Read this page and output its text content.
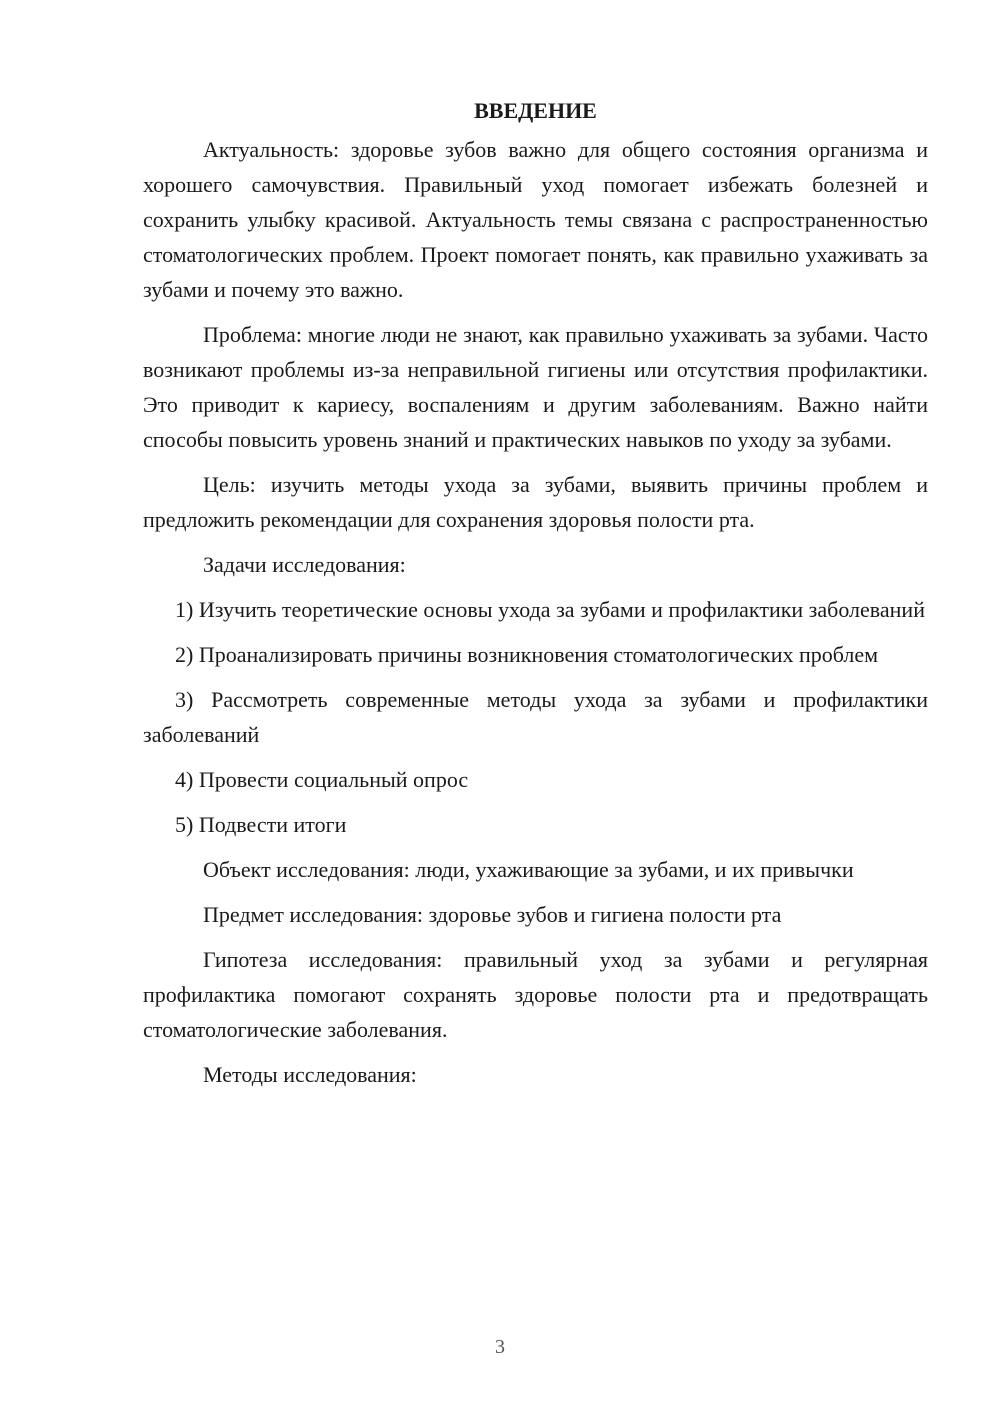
ВВЕДЕНИЕ

Актуальность: здоровье зубов важно для общего состояния организма и хорошего самочувствия. Правильный уход помогает избежать болезней и сохранить улыбку красивой. Актуальность темы связана с распространенностью стоматологических проблем. Проект помогает понять, как правильно ухаживать за зубами и почему это важно.

Проблема: многие люди не знают, как правильно ухаживать за зубами. Часто возникают проблемы из-за неправильной гигиены или отсутствия профилактики. Это приводит к кариесу, воспалениям и другим заболеваниям. Важно найти способы повысить уровень знаний и практических навыков по уходу за зубами.

Цель: изучить методы ухода за зубами, выявить причины проблем и предложить рекомендации для сохранения здоровья полости рта.

Задачи исследования:

1) Изучить теоретические основы ухода за зубами и профилактики заболеваний

2) Проанализировать причины возникновения стоматологических проблем

3) Рассмотреть современные методы ухода за зубами и профилактики заболеваний

4) Провести социальный опрос

5) Подвести итоги

Объект исследования: люди, ухаживающие за зубами, и их привычки

Предмет исследования: здоровье зубов и гигиена полости рта

Гипотеза исследования: правильный уход за зубами и регулярная профилактика помогают сохранять здоровье полости рта и предотвращать стоматологические заболевания.

Методы исследования:

3
